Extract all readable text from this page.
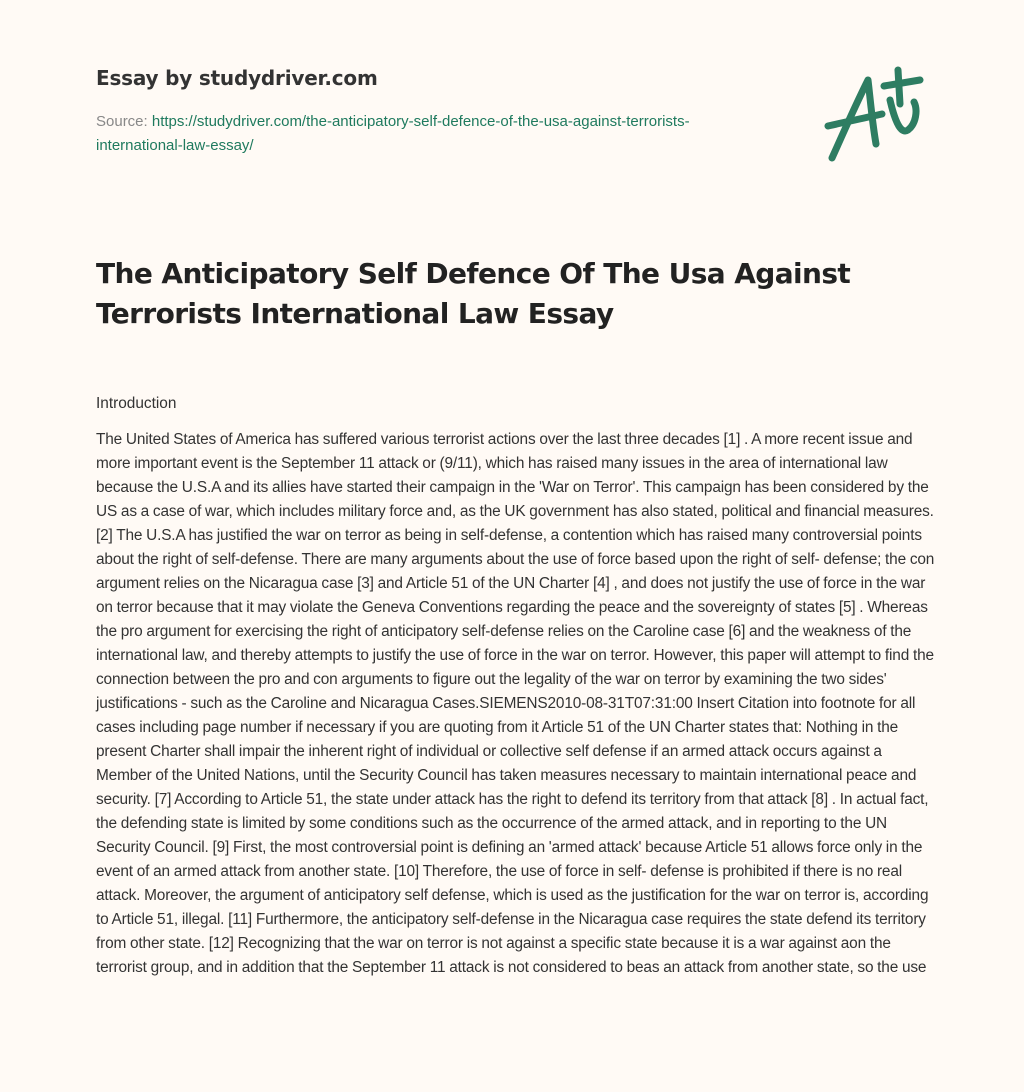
Essay by studydriver.com
Source: https://studydriver.com/the-anticipatory-self-defence-of-the-usa-against-terrorists-international-law-essay/
The Anticipatory Self Defence Of The Usa Against Terrorists International Law Essay
Introduction

The United States of America has suffered various terrorist actions over the last three decades [1] . A more recent issue and more important event is the September 11 attack or (9/11), which has raised many issues in the area of international law because the U.S.A and its allies have started their campaign in the 'War on Terror'. This campaign has been considered by the US as a case of war, which includes military force and, as the UK government has also stated, political and financial measures. [2] The U.S.A has justified the war on terror as being in self-defense, a contention which has raised many controversial points about the right of self-defense. There are many arguments about the use of force based upon the right of self- defense; the con argument relies on the Nicaragua case [3] and Article 51 of the UN Charter [4] , and does not justify the use of force in the war on terror because that it may violate the Geneva Conventions regarding the peace and the sovereignty of states [5] . Whereas the pro argument for exercising the right of anticipatory self-defense relies on the Caroline case [6] and the weakness of the international law, and thereby attempts to justify the use of force in the war on terror. However, this paper will attempt to find the connection between the pro and con arguments to figure out the legality of the war on terror by examining the two sides' justifications - such as the Caroline and Nicaragua Cases.SIEMENS2010-08-31T07:31:00 Insert Citation into footnote for all cases including page number if necessary if you are quoting from it Article 51 of the UN Charter states that: Nothing in the present Charter shall impair the inherent right of individual or collective self defense if an armed attack occurs against a Member of the United Nations, until the Security Council has taken measures necessary to maintain international peace and security. [7] According to Article 51, the state under attack has the right to defend its territory from that attack [8] . In actual fact, the defending state is limited by some conditions such as the occurrence of the armed attack, and in reporting to the UN Security Council. [9] First, the most controversial point is defining an 'armed attack' because Article 51 allows force only in the event of an armed attack from another state. [10] Therefore, the use of force in self- defense is prohibited if there is no real attack. Moreover, the argument of anticipatory self defense, which is used as the justification for the war on terror is, according to Article 51, illegal. [11] Furthermore, the anticipatory self-defense in the Nicaragua case requires the state defend its territory from other state. [12] Recognizing that the war on terror is not against a specific state because it is a war against aon the terrorist group, and in addition that the September 11 attack is not considered to beas an attack from another state, so the use
